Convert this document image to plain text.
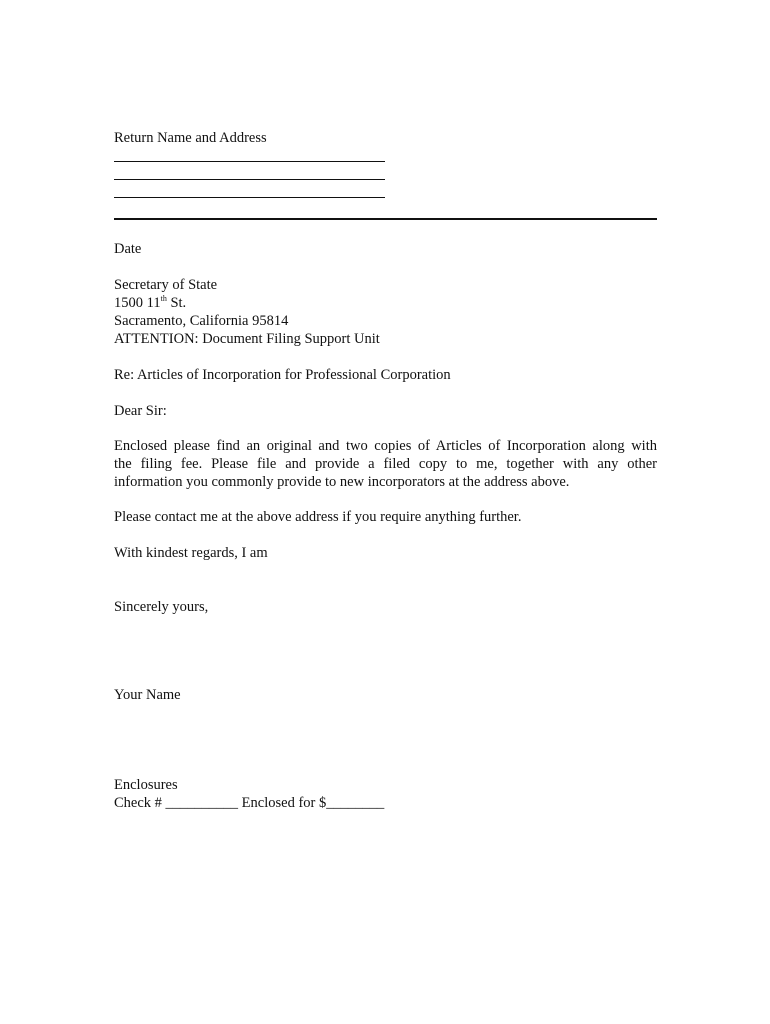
Return Name and Address
Date
Secretary of State
1500 11th St.
Sacramento, California 95814
ATTENTION: Document Filing Support Unit
Re: Articles of Incorporation for Professional Corporation
Dear Sir:
Enclosed please find an original and two copies of Articles of Incorporation along with
the filing fee. Please file and provide a filed copy to me, together with any other
information you commonly provide to new incorporators at the address above.
Please contact me at the above address if you require anything further.
With kindest regards, I am
Sincerely yours,
Your Name
Enclosures
Check # __________ Enclosed for $________
